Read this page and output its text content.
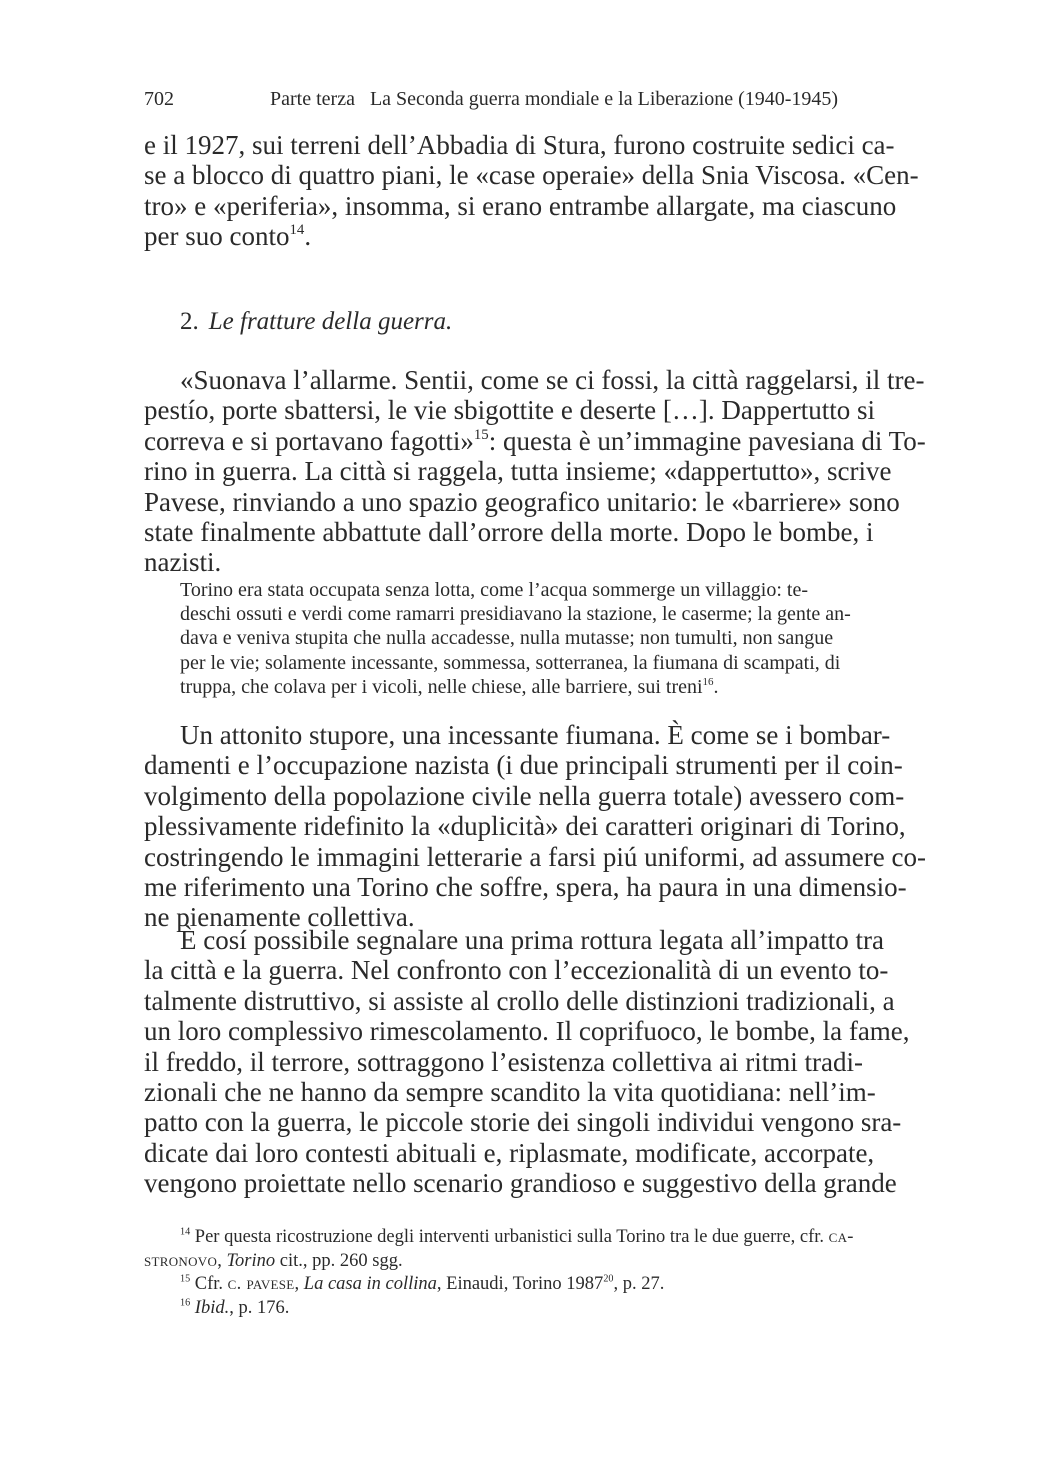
702	Parte terza   La Seconda guerra mondiale e la Liberazione (1940-1945)
e il 1927, sui terreni dell’Abbadia di Stura, furono costruite sedici ca-
se a blocco di quattro piani, le «case operaie» della Snia Viscosa. «Cen-
tro» e «periferia», insomma, si erano entrambe allargate, ma ciascuno
per suo conto$^{14}$.
2. Le fratture della guerra.
«Suonava l’allarme. Sentii, come se ci fossi, la città raggelarsi, il tre-
pestío, porte sbattersi, le vie sbigottite e deserte […]. Dappertutto si
correva e si portavano fagotti»$^{15}$: questa è un’immagine pavesiana di To-
rino in guerra. La città si raggela, tutta insieme; «dappertutto», scrive
Pavese, rinviando a uno spazio geografico unitario: le «barriere» sono
state finalmente abbattute dall’orrore della morte. Dopo le bombe, i
nazisti.
Torino era stata occupata senza lotta, come l’acqua sommerge un villaggio: te-
deschi ossuti e verdi come ramarri presidiavano la stazione, le caserme; la gente an-
dava e veniva stupita che nulla accadesse, nulla mutasse; non tumulti, non sangue
per le vie; solamente incessante, sommessa, sotterranea, la fiumana di scampati, di
truppa, che colava per i vicoli, nelle chiese, alle barriere, sui treni$^{16}$.
Un attonito stupore, una incessante fiumana. È come se i bombar-
damenti e l’occupazione nazista (i due principali strumenti per il coin-
volgimento della popolazione civile nella guerra totale) avessero com-
plessivamente ridefinito la «duplicità» dei caratteri originari di Torino,
costringendo le immagini letterarie a farsi piú uniformi, ad assumere co-
me riferimento una Torino che soffre, spera, ha paura in una dimensio-
ne pienamente collettiva.
È cosí possibile segnalare una prima rottura legata all’impatto tra
la città e la guerra. Nel confronto con l’eccezionalità di un evento to-
talmente distruttivo, si assiste al crollo delle distinzioni tradizionali, a
un loro complessivo rimescolamento. Il coprifuoco, le bombe, la fame,
il freddo, il terrore, sottraggono l’esistenza collettiva ai ritmi tradi-
zionali che ne hanno da sempre scandito la vita quotidiana: nell’im-
patto con la guerra, le piccole storie dei singoli individui vengono sra-
dicate dai loro contesti abituali e, riplasmate, modificate, accorpate,
vengono proiettate nello scenario grandioso e suggestivo della grande
$^{14}$ Per questa ricostruzione degli interventi urbanistici sulla Torino tra le due guerre, cfr. ca-
stronovo, Torino cit., pp. 260 sgg.
$^{15}$ Cfr. c. pavese, La casa in collina, Einaudi, Torino 1987$^{20}$, p. 27.
$^{16}$ Ibid., p. 176.
